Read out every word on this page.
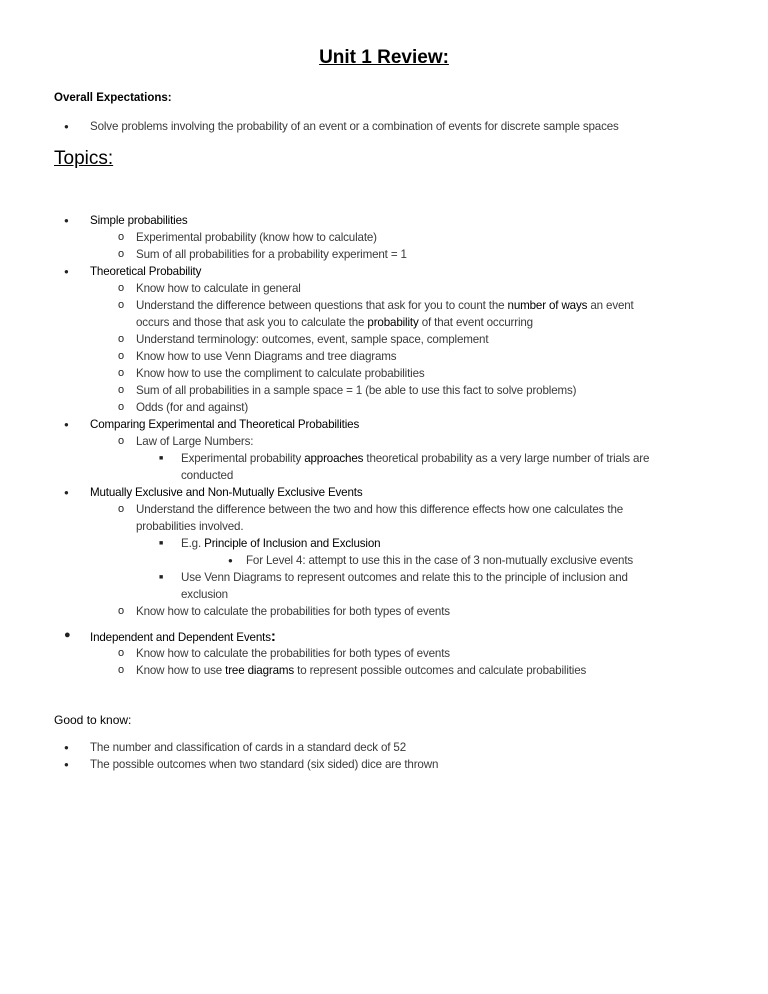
Unit 1 Review:
Overall Expectations:
● Solve problems involving the probability of an event or a combination of events for discrete sample spaces
Topics:
● Simple probabilities
o Experimental probability (know how to calculate)
o Sum of all probabilities for a probability experiment = 1
● Theoretical Probability
o Know how to calculate in general
o Understand the difference between questions that ask for you to count the number of ways an event
occurs and those that ask you to calculate the probability of that event occurring
o Understand terminology: outcomes, event, sample space, complement
o Know how to use Venn Diagrams and tree diagrams
o Know how to use the compliment to calculate probabilities
o Sum of all probabilities in a sample space = 1 (be able to use this fact to solve problems)
o Odds (for and against)
● Comparing Experimental and Theoretical Probabilities
o Law of Large Numbers:
■ Experimental probability approaches theoretical probability as a very large number of trials are
conducted
● Mutually Exclusive and Non-Mutually Exclusive Events
o Understand the difference between the two and how this difference effects how one calculates the
probabilities involved.
■ E.g. Principle of Inclusion and Exclusion
● For Level 4: attempt to use this in the case of 3 non-mutually exclusive events
■ Use Venn Diagrams to represent outcomes and relate this to the principle of inclusion and
exclusion
o Know how to calculate the probabilities for both types of events
● Independent and Dependent Events:
o Know how to calculate the probabilities for both types of events
o Know how to use tree diagrams to represent possible outcomes and calculate probabilities
Good to know:
● The number and classification of cards in a standard deck of 52
● The possible outcomes when two standard (six sided) dice are thrown
